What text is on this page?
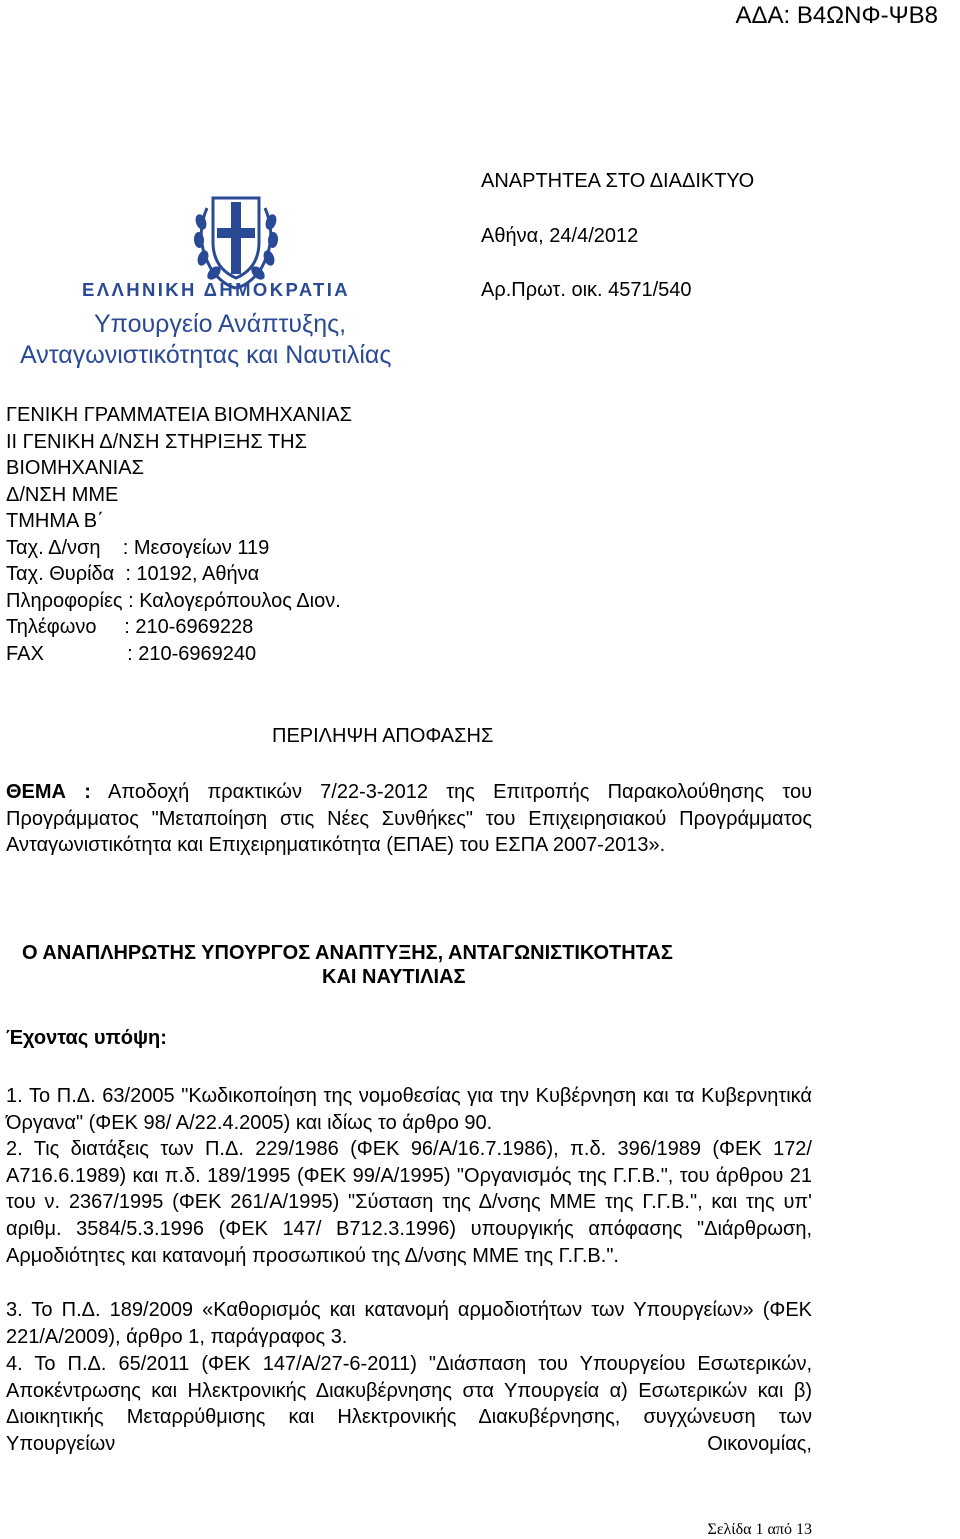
ΑΔΑ: Β4ΩΝΦ-ΨΒ8
ΑΝΑΡΤΗΤΕΑ ΣΤΟ ΔΙΑΔΙΚΤΥΟ
Αθήνα, 24/4/2012
Αρ.Πρωτ. οικ. 4571/540
ΕΛΛΗΝΙΚΗ ΔΗΜΟΚΡΑΤΙΑ
Υπουργείο Ανάπτυξης,
Ανταγωνιστικότητας και Ναυτιλίας
ΓΕΝΙΚΗ ΓΡΑΜΜΑΤΕΙΑ ΒΙΟΜΗΧΑΝΙΑΣ
ΙΙ ΓΕΝΙΚΗ Δ/ΝΣΗ ΣΤΗΡΙΞΗΣ ΤΗΣ
ΒΙΟΜΗΧΑΝΙΑΣ
Δ/ΝΣΗ ΜΜΕ
ΤΜΗΜΑ Β΄
Ταχ. Δ/νση    : Μεσογείων 119
Ταχ. Θυρίδα  : 10192, Αθήνα
Πληροφορίες : Καλογερόπουλος Διον.
Τηλέφωνο     : 210-6969228
FAX               : 210-6969240
ΠΕΡΙΛΗΨΗ ΑΠΟΦΑΣΗΣ
ΘΕΜΑ : Αποδοχή πρακτικών 7/22-3-2012 της Επιτροπής Παρακολούθησης του Προγράμματος "Μεταποίηση στις Νέες Συνθήκες" του Επιχειρησιακού Προγράμματος Ανταγωνιστικότητα και Επιχειρηματικότητα (ΕΠΑΕ) του ΕΣΠΑ 2007-2013».
Ο ΑΝΑΠΛΗΡΩΤΗΣ ΥΠΟΥΡΓΟΣ ΑΝΑΠΤΥΞΗΣ, ΑΝΤΑΓΩΝΙΣΤΙΚΟΤΗΤΑΣ
ΚΑΙ ΝΑΥΤΙΛΙΑΣ
Έχοντας υπόψη:
1. Το Π.Δ. 63/2005 "Κωδικοποίηση της νομοθεσίας για την Κυβέρνηση και τα Κυβερνητικά Όργανα" (ΦΕΚ 98/ Α/22.4.2005) και ιδίως το άρθρο 90.
2. Τις διατάξεις των Π.Δ. 229/1986 (ΦΕΚ 96/Α/16.7.1986), π.δ. 396/1989 (ΦΕΚ 172/Α716.6.1989) και π.δ. 189/1995 (ΦΕΚ 99/Α/1995) "Οργανισμός της Γ.Γ.Β.", του άρθρου 21 του ν. 2367/1995 (ΦΕΚ 261/Α/1995) "Σύσταση της Δ/νσης ΜΜΕ της Γ.Γ.Β.", και της υπ' αριθμ. 3584/5.3.1996 (ΦΕΚ 147/ Β712.3.1996) υπουργικής απόφασης "Διάρθρωση, Αρμοδιότητες και κατανομή προσωπικού της Δ/νσης ΜΜΕ της Γ.Γ.Β.".
3. Το Π.Δ. 189/2009 «Καθορισμός και κατανομή αρμοδιοτήτων των Υπουργείων» (ΦΕΚ 221/Α/2009), άρθρο 1, παράγραφος 3.
4. Το Π.Δ. 65/2011 (ΦΕΚ 147/Α/27-6-2011) "Διάσπαση του Υπουργείου Εσωτερικών, Αποκέντρωσης και Ηλεκτρονικής Διακυβέρνησης στα Υπουργεία α) Εσωτερικών και β) Διοικητικής Μεταρρύθμισης και Ηλεκτρονικής Διακυβέρνησης, συγχώνευση των Υπουργείων Οικονομίας,
Σελίδα 1 από 13
